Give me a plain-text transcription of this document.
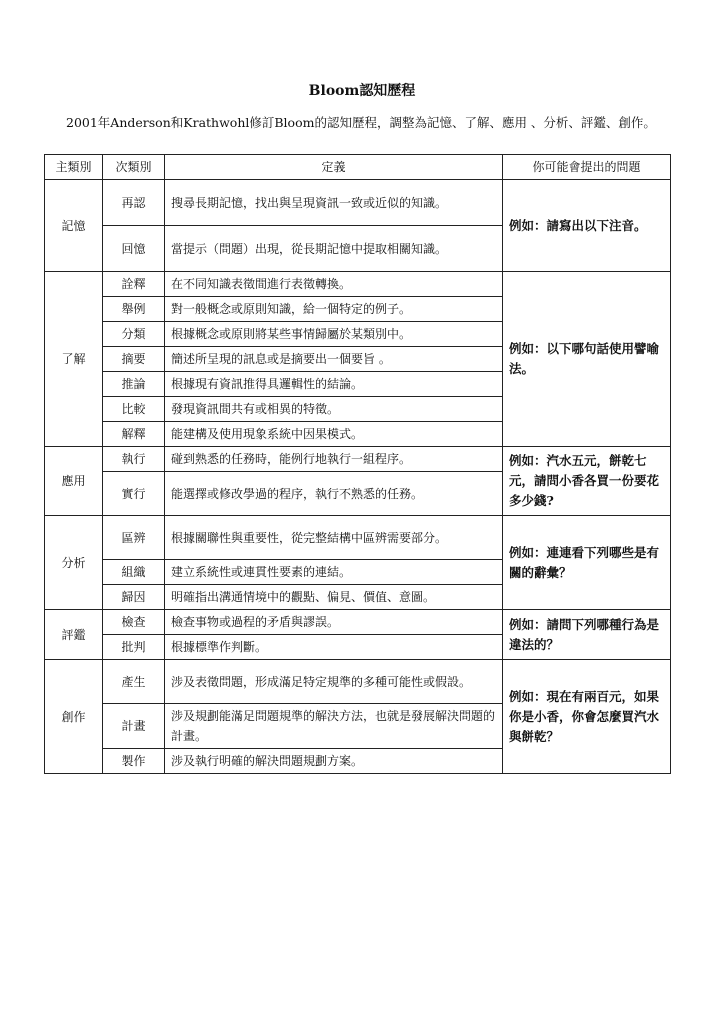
Bloom認知歷程
2001年Anderson和Krathwohl修訂Bloom的認知歷程，調整為記憶、了解、應用 、分析、評鑑、創作。
主類別	次類別	定義	你可能會提出的問題
記憶	再認	搜尋長期記憶，找出與呈現資訊一致或近似的知識。	例如：請寫出以下注音。
	回憶	當提示（問題）出現，從長期記憶中提取相關知識。	
了解	詮釋	在不同知識表徵間進行表徵轉換。	例如：以下哪句話使用譬喻法。
	舉例	對一般概念或原則知識，給一個特定的例子。	
	分類	根據概念或原則將某些事情歸屬於某類別中。	
	摘要	簡述所呈現的訊息或是摘要出一個要旨 。	
	推論	根據現有資訊推得具邏輯性的結論。	
	比較	發現資訊間共有或相異的特徵。	
	解釋	能建構及使用現象系統中因果模式。	
應用	執行	碰到熟悉的任務時，能例行地執行一組程序。	例如：汽水五元，餅乾七元，請問小香各買一份要花多少錢?
	實行	能選擇或修改學過的程序，執行不熟悉的任務。	
分析	區辨	根據關聯性與重要性，從完整結構中區辨需要部分。	例如：連連看下列哪些是有關的辭彙？
	組織	建立系統性或連貫性要素的連結。	
	歸因	明確指出溝通情境中的觀點、偏見、價值、意圖。	
評鑑	檢查	檢查事物或過程的矛盾與謬誤。	例如：請問下列哪種行為是違法的？
	批判	根據標準作判斷。	
創作	產生	涉及表徵問題，形成滿足特定規準的多種可能性或假設。	例如：現在有兩百元，如果你是小香，你會怎麼買汽水與餅乾？
	計畫	涉及規劃能滿足問題規準的解決方法，也就是發展解決問題的計畫。	
	製作	涉及執行明確的解決問題規劃方案。	
